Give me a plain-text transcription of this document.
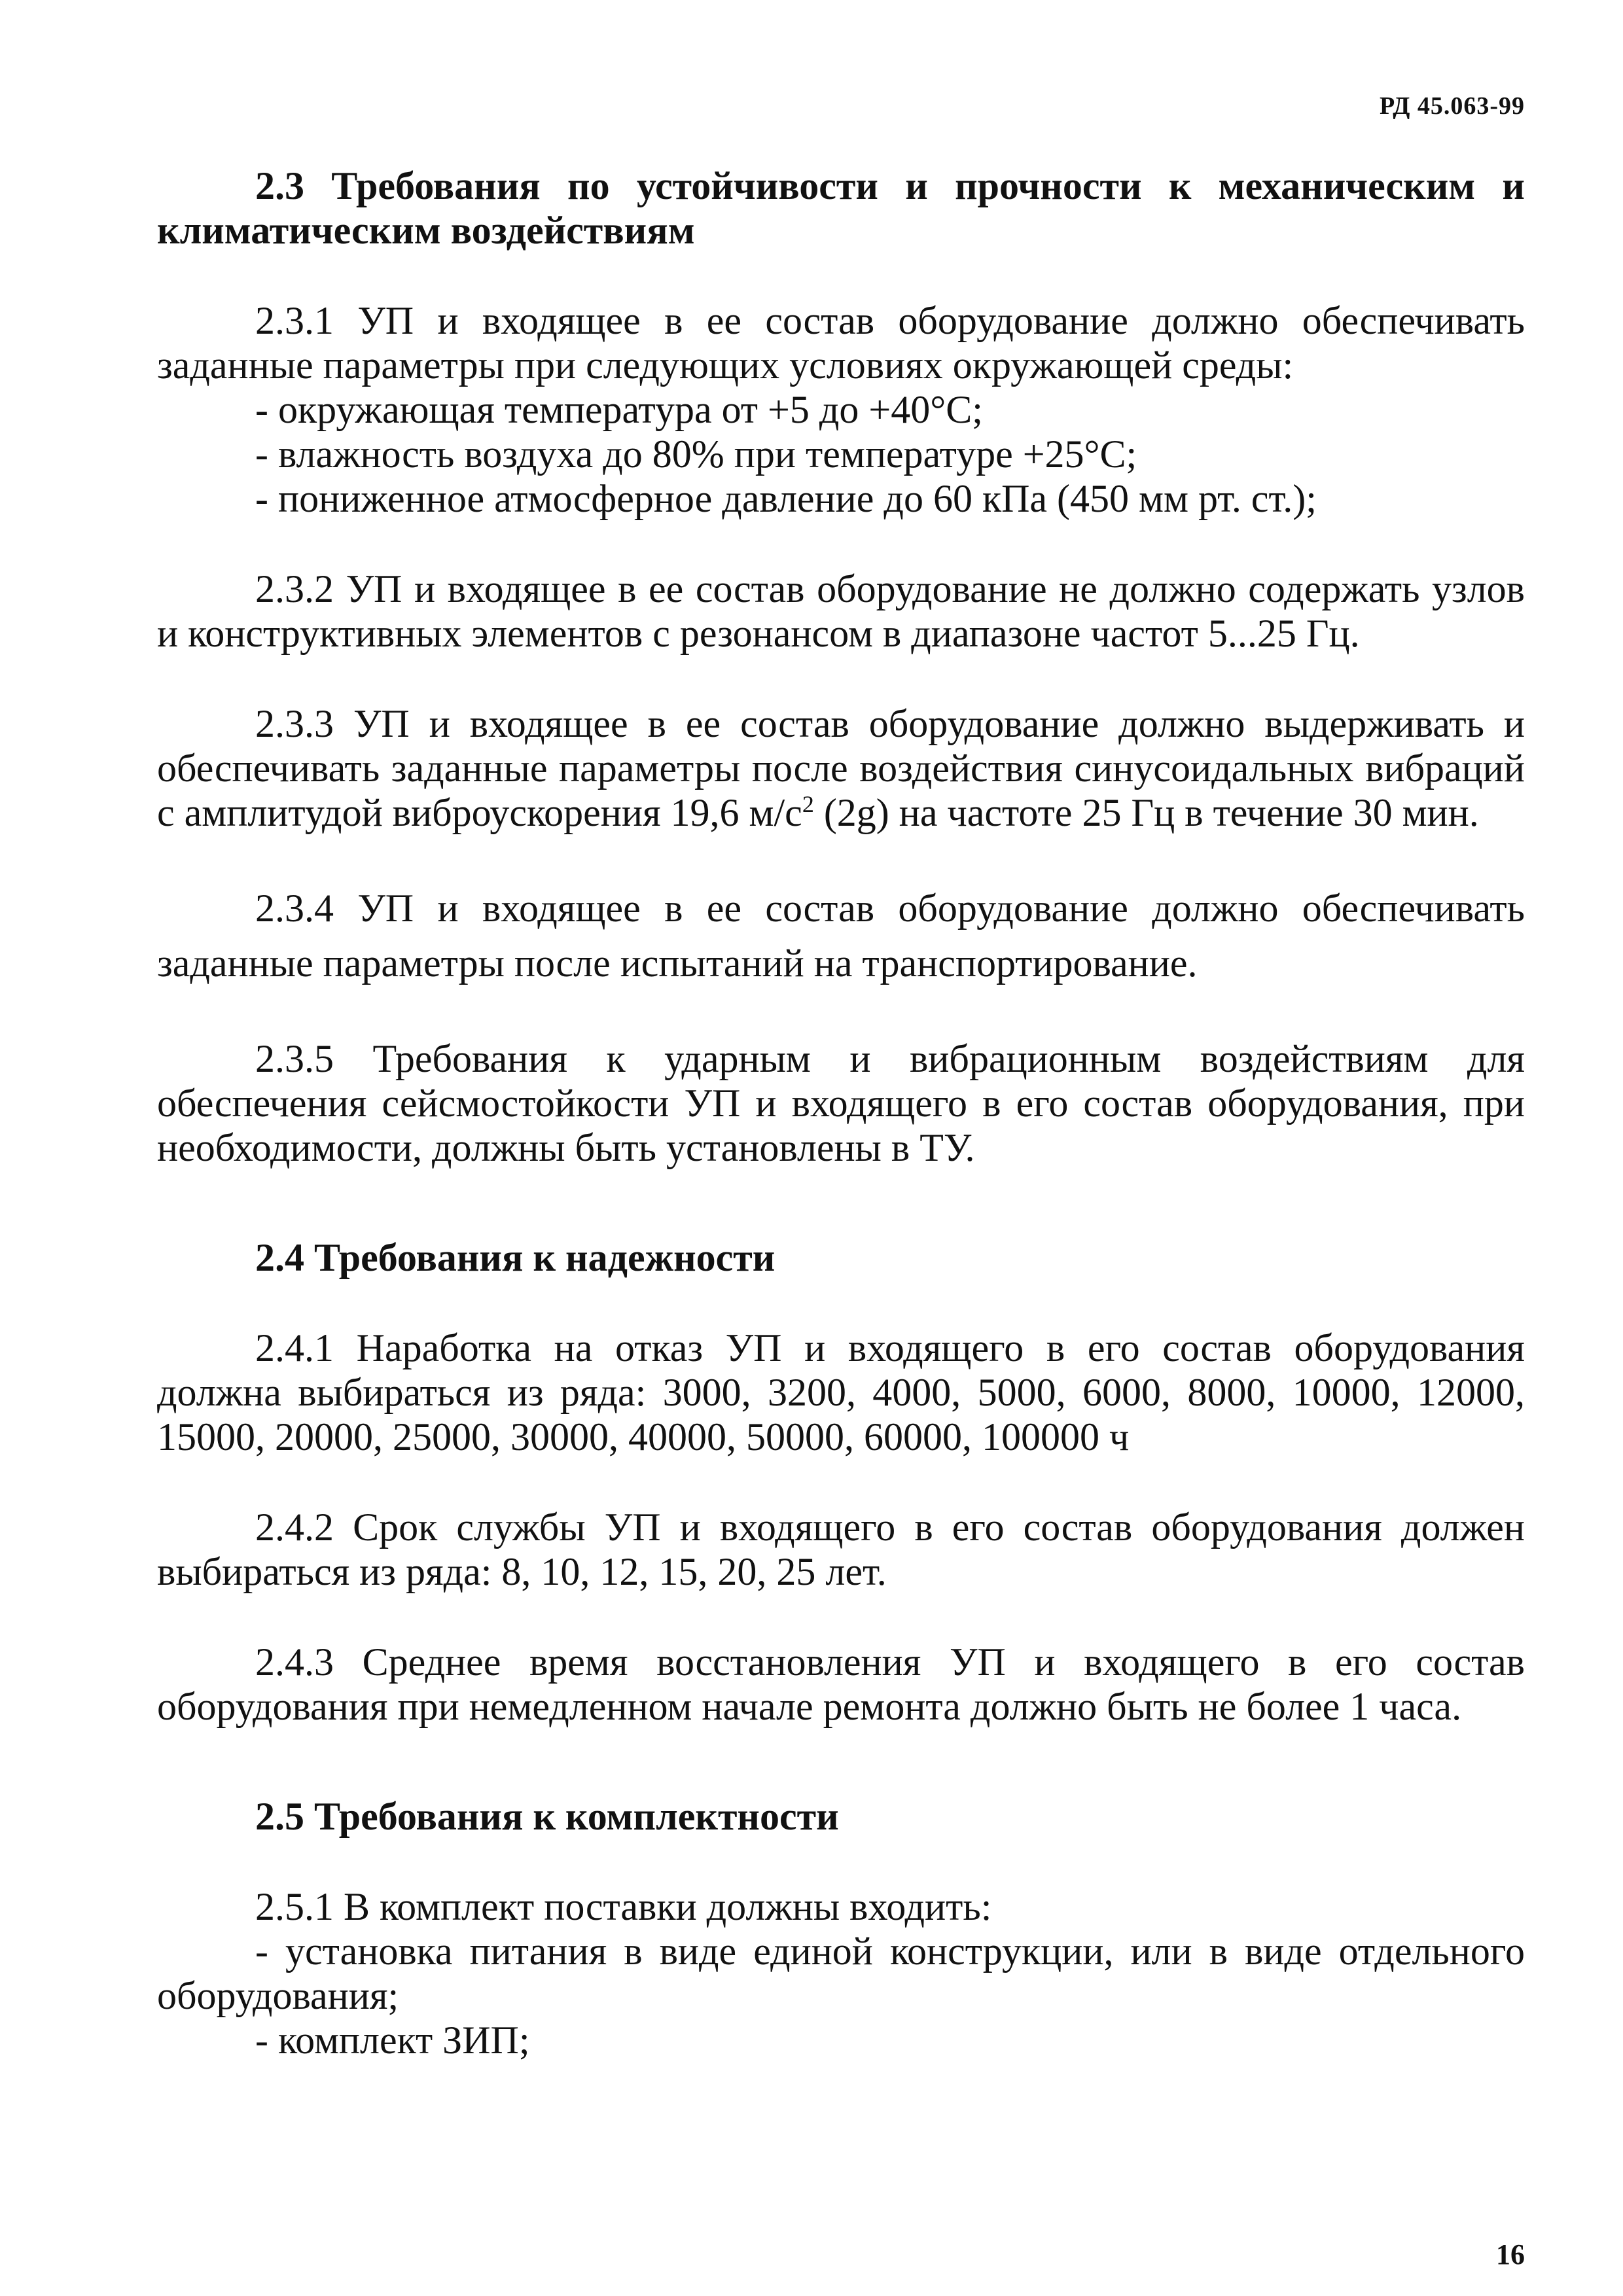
РД 45.063-99

2.3 Требования по устойчивости и прочности к механическим и климатическим воздействиям

2.3.1 УП и входящее в ее состав оборудование должно обеспечивать заданные параметры при следующих условиях окружающей среды:

- окружающая температура от +5 до +40°С;

- влажность воздуха до 80% при температуре +25°С;

- пониженное атмосферное давление до 60 кПа (450 мм рт. ст.);

2.3.2 УП и входящее в ее состав оборудование не должно содержать узлов и конструктивных элементов с резонансом в диапазоне частот 5...25 Гц.

2.3.3 УП и входящее в ее состав оборудование должно выдерживать и обеспечивать заданные параметры после воздействия синусоидальных вибраций с амплитудой виброускорения 19,6 $м/с^2$ (2g) на частоте 25 Гц в течение 30 мин.

2.3.4 УП и входящее в ее состав оборудование должно обеспечивать заданные параметры после испытаний на транспортирование.

2.3.5 Требования к ударным и вибрационным воздействиям для обеспечения сейсмостойкости УП и входящего в его состав оборудования, при необходимости, должны быть установлены в ТУ.

2.4 Требования к надежности

2.4.1 Наработка на отказ УП и входящего в его состав оборудования должна выбираться из ряда: 3000, 3200, 4000, 5000, 6000, 8000, 10000, 12000, 15000, 20000, 25000, 30000, 40000, 50000, 60000, 100000 ч

2.4.2 Срок службы УП и входящего в его состав оборудования должен выбираться из ряда: 8, 10, 12, 15, 20, 25 лет.

2.4.3 Среднее время восстановления УП и входящего в его состав оборудования при немедленном начале ремонта должно быть не более 1 часа.

2.5 Требования к комплектности

2.5.1 В комплект поставки должны входить:

- установка питания в виде единой конструкции, или в виде отдельного оборудования;

- комплект ЗИП;

16
